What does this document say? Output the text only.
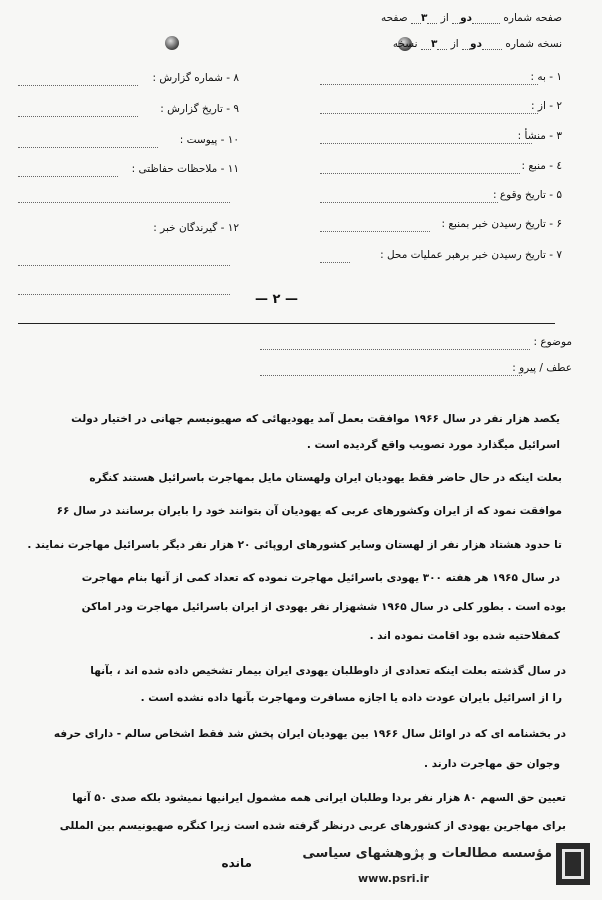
صفحه شماره دو از ۳ صفحه
نسخه شماره دو از ۳ نسخه
۱ - به :
۲ - از :
۳ - منشأ :
٤ - منبع :
۵ - تاریخ وقوع :
۶ - تاریخ رسیدن خبر بمنبع :
۷ - تاریخ رسیدن خبر برهبر عملیات محل :
۸ - شماره گزارش :
۹ - تاریخ گزارش :
۱۰ - پیوست :
۱۱ - ملاحظات حفاظتی :
۱۲ - گیرندگان خبر :
— ۲ —
موضوع :
عطف / پیرو :
یکصد هزار نفر در سال ۱۹۶۶ موافقت بعمل آمد یهودیهائی که صهیونیسم جهانی در اختیار دولت
اسرائیل میگذارد مورد تصویب واقع گردیده است .
بعلت اینکه در حال حاضر فقط یهودیان ایران ولهستان مایل بمهاجرت باسرائیل هستند کنگره
موافقت نمود که از ایران وکشورهای عربی که یهودیان آن بتوانند خود را بایران برسانند در سال ۶۶
تا حدود هشتاد هزار نفر از لهستان وسایر کشورهای اروپائی ۲۰ هزار نفر دیگر باسرائیل مهاجرت نمایند .
در سال ۱۹۶۵ هر هفته ۳۰۰ یهودی باسرائیل مهاجرت نموده که تعداد کمی از آنها بنام مهاجرت
بوده است . بطور کلی در سال ۱۹۶۵ ششهزار نفر یهودی از ایران باسرائیل مهاجرت ودر اماکن
کمفلاحتیه شده بود اقامت نموده اند .
در سال گذشته بعلت اینکه تعدادی از داوطلبان یهودی ایران بیمار تشخیص داده شده اند ، بآنها
را از اسرائیل بایران عودت داده یا اجازه مسافرت ومهاجرت بآنها داده نشده است .
در بخشنامه ای که در اوائل سال ۱۹۶۶ بین یهودیان ایران پخش شد فقط اشخاص سالم - دارای حرفه
وجوان حق مهاجرت دارند .
تعیین حق السهم ۸۰ هزار نفر بردا وطلبان ایرانی همه مشمول ایرانیها نمیشود بلکه صدی ۵۰ آنها
برای مهاجرین یهودی از کشورهای عربی درنظر گرفته شده است زیرا کنگره صهیونیسم بین المللی
مانده
مؤسسه مطالعات و پژوهشهای سیاسی
www.psri.ir
